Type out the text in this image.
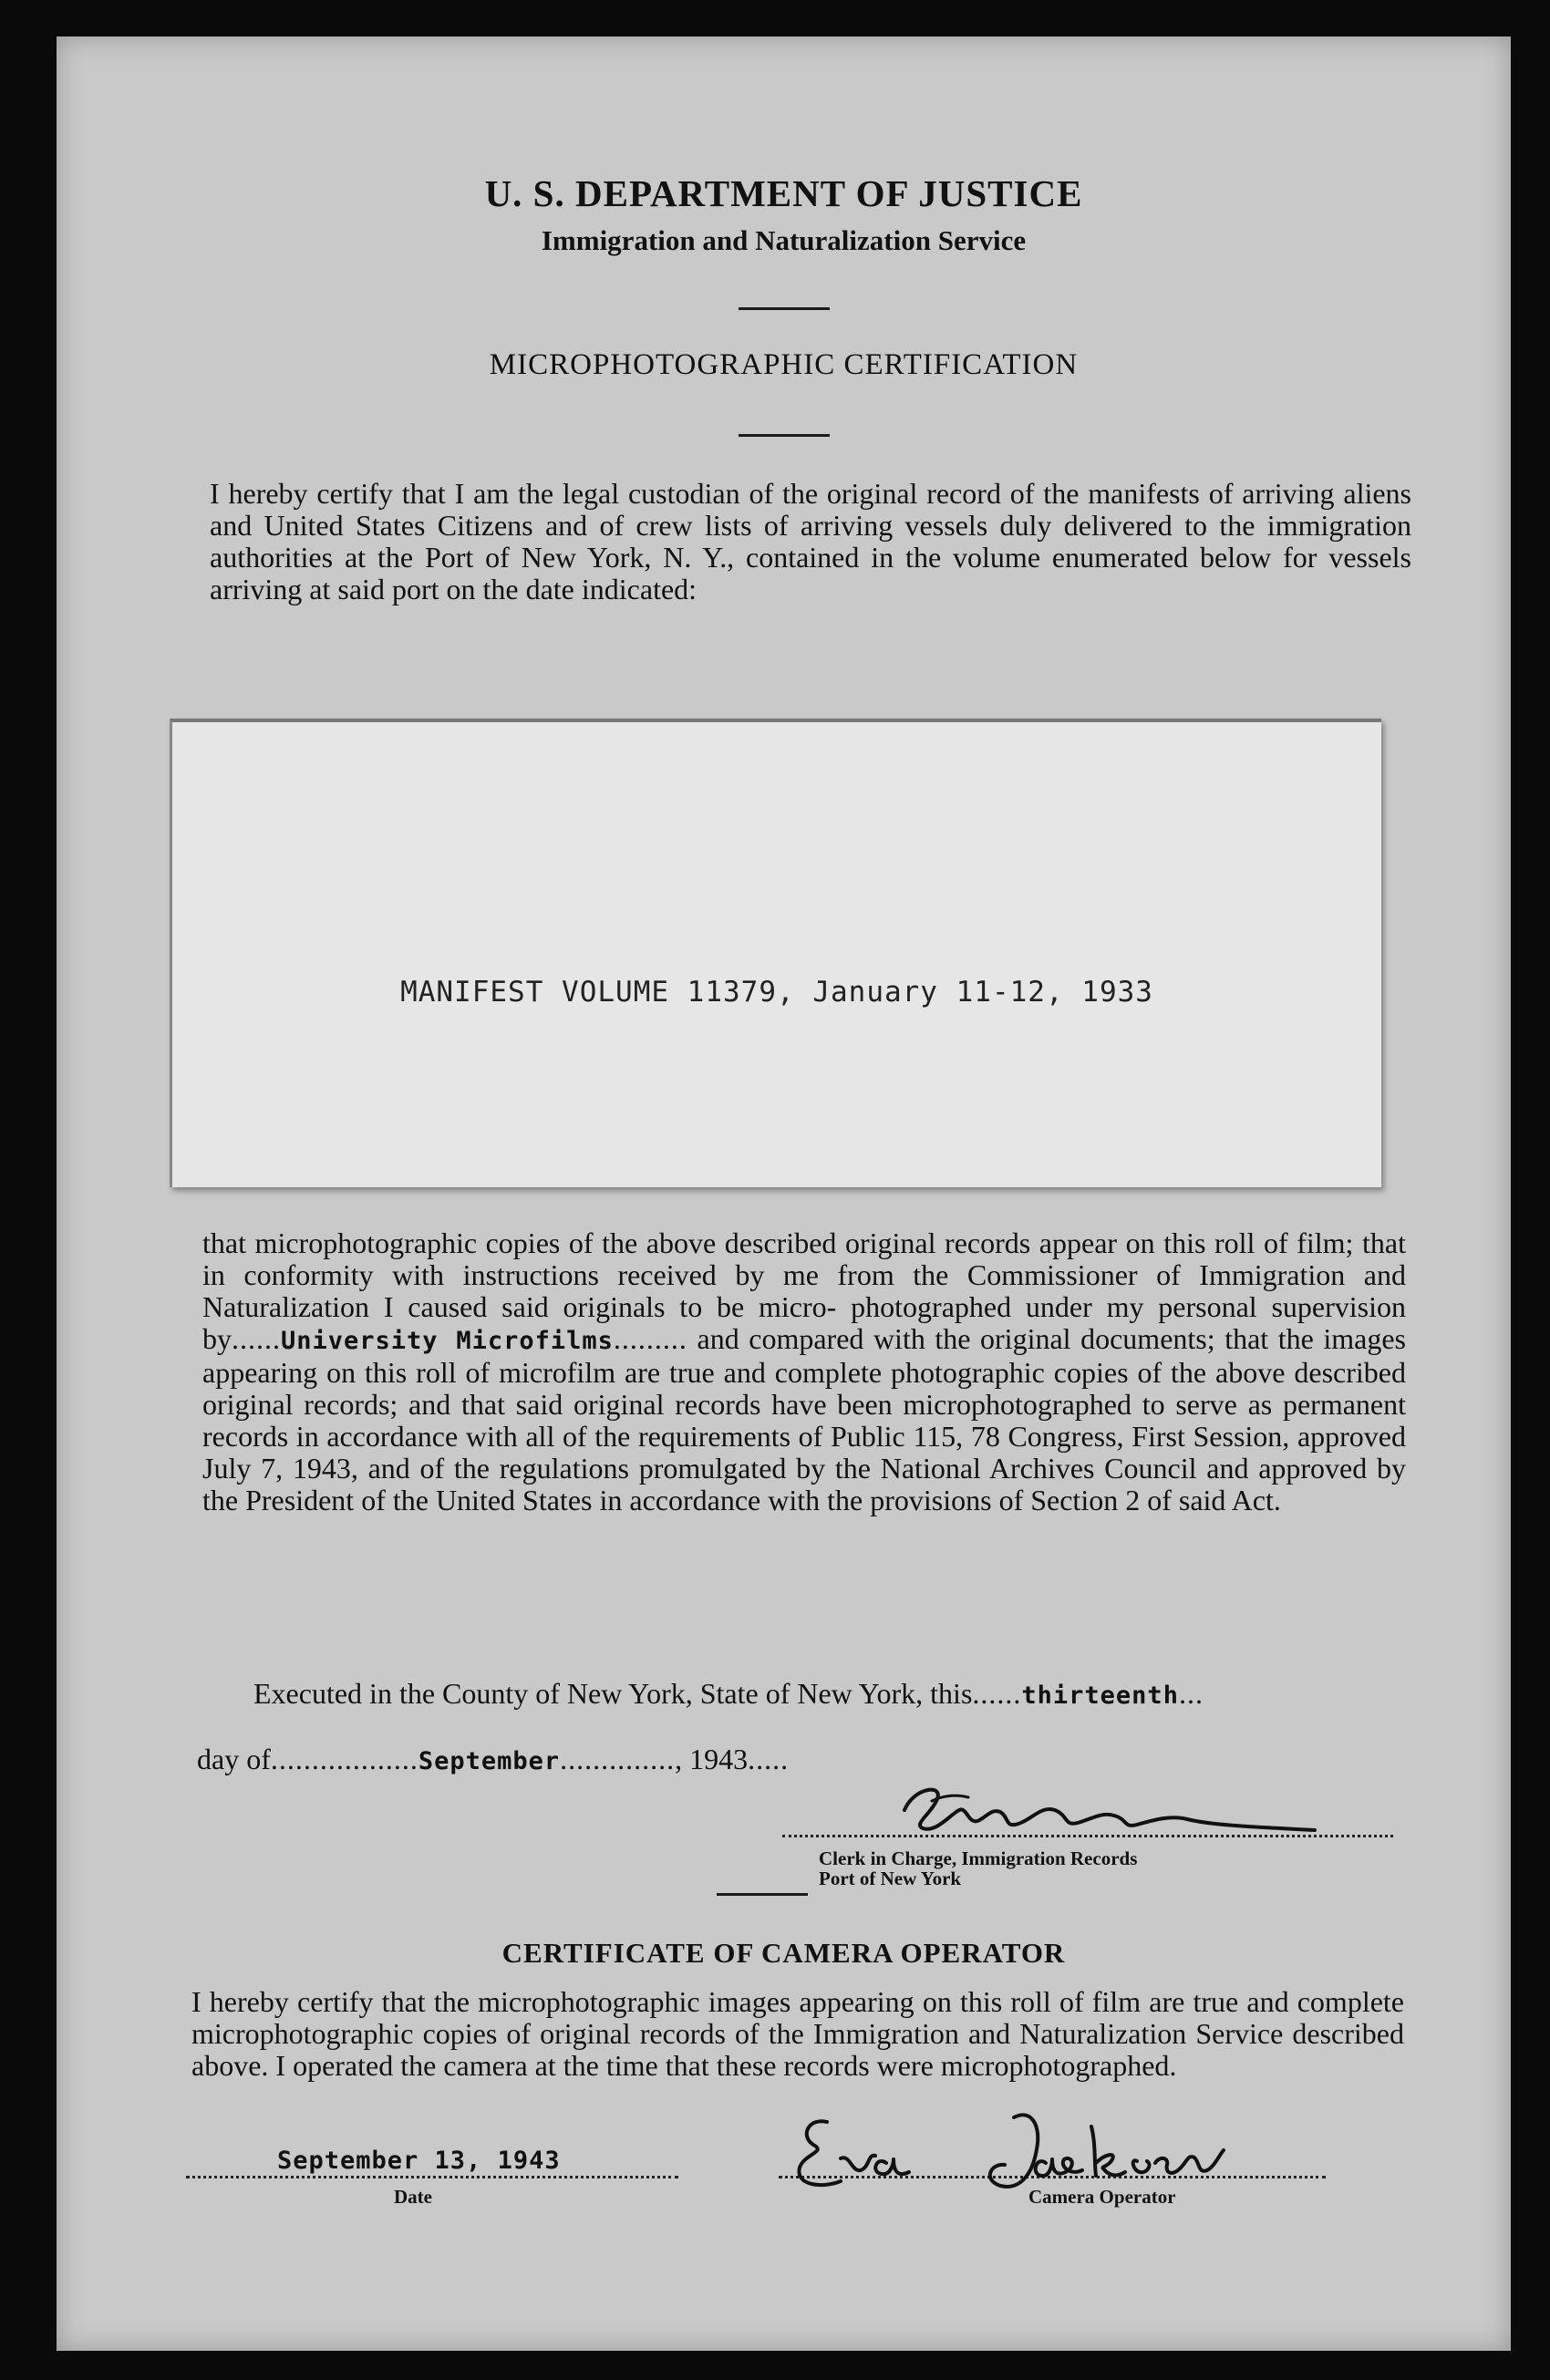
U. S. DEPARTMENT OF JUSTICE
Immigration and Naturalization Service
MICROPHOTOGRAPHIC CERTIFICATION

I hereby certify that I am the legal custodian of the original record of the manifests of arriving aliens and United States Citizens and of crew lists of arriving vessels duly delivered to the immigration authorities at the Port of New York, N. Y., contained in the volume enumerated below for vessels arriving at said port on the date indicated:

MANIFEST VOLUME 11379, January 11-12, 1933
that microphotographic copies of the above described original records appear on this roll of film; that in conformity with instructions received by me from the Commissioner of Immigration and Naturalization I caused said originals to be micro- photographed under my personal supervision by......University Microfilms......... and compared with the original documents; that the images appearing on this roll of microfilm are true and complete photographic copies of the above described original records; and that said original records have been microphotographed to serve as permanent records in accordance with all of the requirements of Public 115, 78 Congress, First Session, approved July 7, 1943, and of the regulations promulgated by the National Archives Council and approved by the President of the United States in accordance with the provisions of Section 2 of said Act.
Executed in the County of New York, State of New York, this......thirteenth...
day of..................September.............., 1943.....
Clerk in Charge, Immigration Records
Port of New York
CERTIFICATE OF CAMERA OPERATOR

I hereby certify that the microphotographic images appearing on this roll of film are true and complete microphotographic copies of original records of the Immigration and Naturalization Service described above. I operated the camera at the time that these records were microphotographed.

September 13, 1943
Date	Camera Operator
